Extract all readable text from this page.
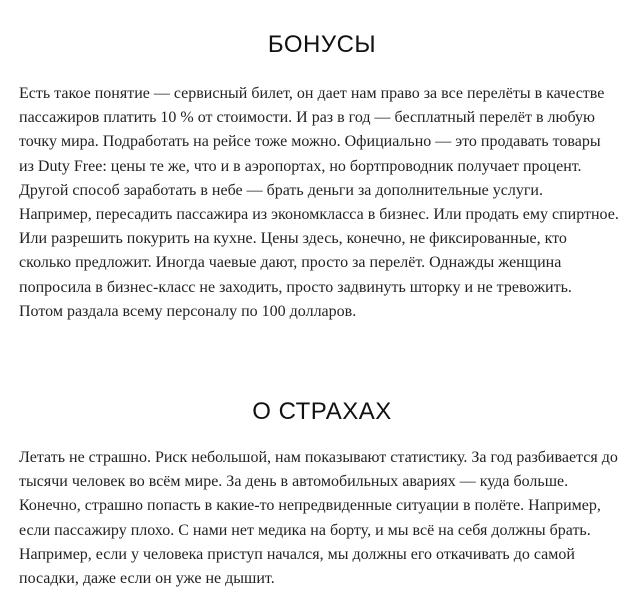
БОНУСЫ

Есть такое понятие — сервисный билет, он дает нам право за все перелёты в качестве пассажиров платить 10 % от стоимости. И раз в год — бесплатный перелёт в любую точку мира. Подработать на рейсе тоже можно. Официально — это продавать товары из Duty Free: цены те же, что и в аэропортах, но бортпроводник получает процент. Другой способ заработать в небе — брать деньги за дополнительные услуги. Например, пересадить пассажира из экономкласса в бизнес. Или продать ему спиртное. Или разрешить покурить на кухне. Цены здесь, конечно, не фиксированные, кто сколько предложит. Иногда чаевые дают, просто за перелёт. Однажды женщина попросила в бизнес-класс не заходить, просто задвинуть шторку и не тревожить. Потом раздала всему персоналу по 100 долларов.

О СТРАХАХ

Летать не страшно. Риск небольшой, нам показывают статистику. За год разбивается до тысячи человек во всём мире. За день в автомобильных авариях — куда больше. Конечно, страшно попасть в какие-то непредвиденные ситуации в полёте. Например, если пассажиру плохо. С нами нет медика на борту, и мы всё на себя должны брать. Например, если у человека приступ начался, мы должны его откачивать до самой посадки, даже если он уже не дышит.
